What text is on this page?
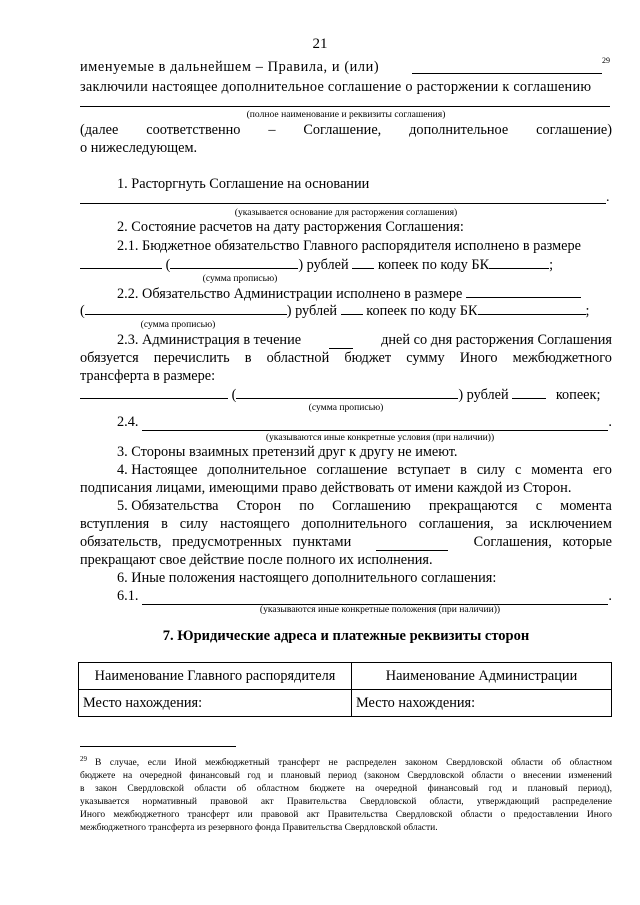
21
именуемые в дальнейшем – Правила, и (или)	29
заключили настоящее дополнительное соглашение о расторжении к соглашению
(полное наименование и реквизиты соглашения)
(далее соответственно – Соглашение, дополнительное соглашение)
о нижеследующем.
1. Расторгнуть Соглашение на основании
.
(указывается основание для расторжения соглашения)
2. Состояние расчетов на дату расторжения Соглашения:
2.1. Бюджетное обязательство Главного распорядителя исполнено в размере
(	) рублей копеек по коду БК	;
(сумма прописью)
2.2. Обязательство Администрации исполнено в размере
(	) рублей копеек по коду БК	;
(сумма прописью)
2.3. Администрация в течение	дней со дня расторжения Соглашения
обязуется перечислить в областной бюджет сумму Иного межбюджетного
трансферта в размере:
(	) рублей	копеек;
(сумма прописью)
2.4.	.
(указываются иные конкретные условия (при наличии))
3. Стороны взаимных претензий друг к другу не имеют.
4. Настоящее дополнительное соглашение вступает в силу с момента его
подписания лицами, имеющими право действовать от имени каждой из Сторон.
5. Обязательства Сторон по Соглашению прекращаются с момента
вступления в силу настоящего дополнительного соглашения, за исключением
обязательств,   предусмотренных   пунктами	Соглашения,   которые
прекращают свое действие после полного их исполнения.
6. Иные положения настоящего дополнительного соглашения:
6.1.	.
(указываются иные конкретные положения (при наличии))
7. Юридические адреса и платежные реквизиты сторон
Наименование Главного распорядителя	Наименование Администрации
Место нахождения:	Место нахождения:
$^{29}$ В случае, если Иной межбюджетный трансферт не распределен законом Свердловской области об областном
бюджете на очередной финансовый год и плановый период (законом Свердловской области о внесении изменений
в закон Свердловской области об областном бюджете на очередной финансовый год и плановый период),
указывается нормативный правовой акт Правительства Свердловской области, утверждающий распределение
Иного межбюджетного трансферт или правовой акт Правительства Свердловской области о предоставлении Иного
межбюджетного трансферта из резервного фонда Правительства Свердловской области.
